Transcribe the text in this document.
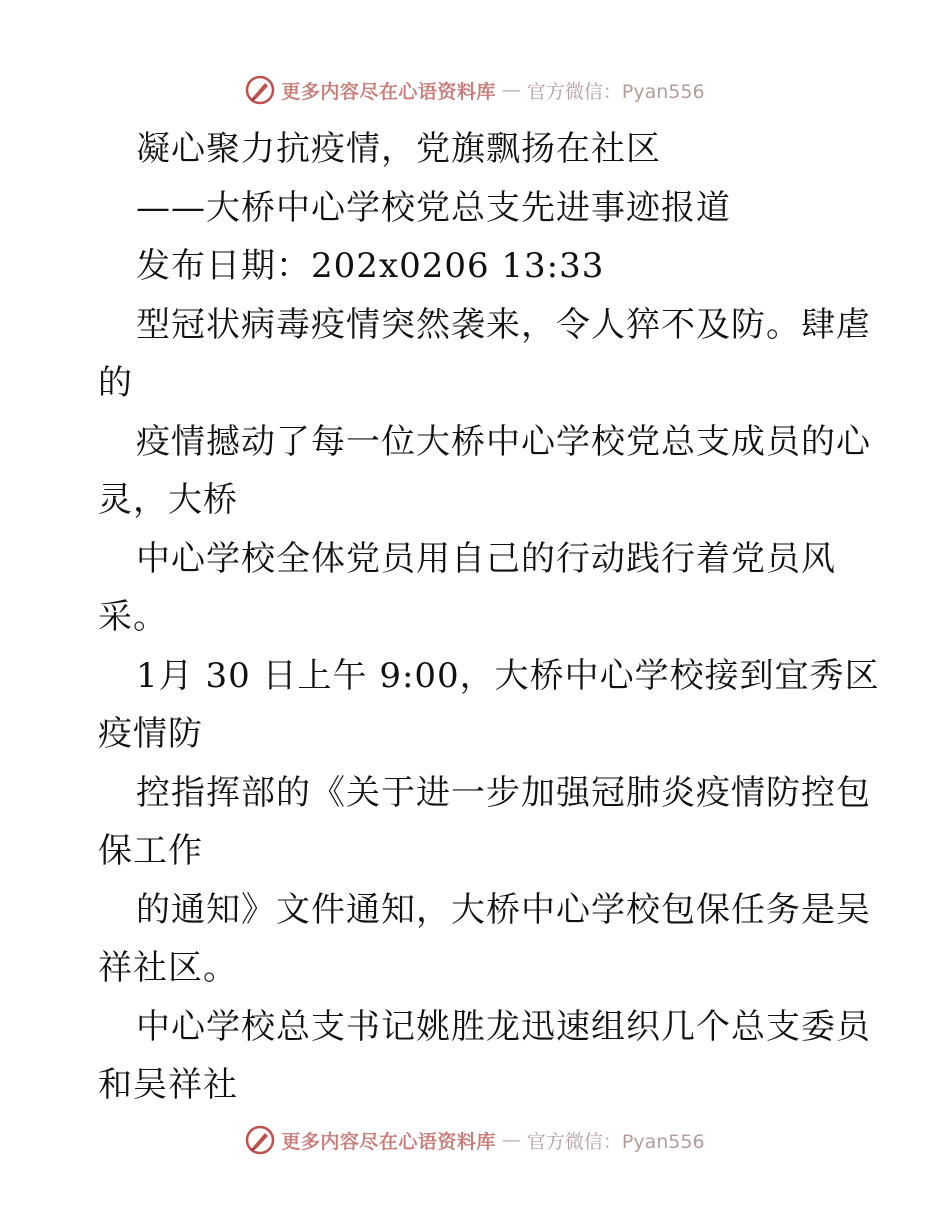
更多内容尽在心语资料库 — 官方微信：Pyan556
凝心聚力抗疫情，党旗飘扬在社区
——大桥中心学校党总支先进事迹报道
发布日期：202x0206 13:33
型冠状病毒疫情突然袭来，令人猝不及防。肆虐
的
疫情撼动了每一位大桥中心学校党总支成员的心
灵，大桥
中心学校全体党员用自己的行动践行着党员风
采。
1月 30 日上午 9:00，大桥中心学校接到宜秀区
疫情防
控指挥部的《关于进一步加强冠肺炎疫情防控包
保工作
的通知》文件通知，大桥中心学校包保任务是吴
祥社区。
中心学校总支书记姚胜龙迅速组织几个总支委员
和吴祥社
更多内容尽在心语资料库 — 官方微信：Pyan556
